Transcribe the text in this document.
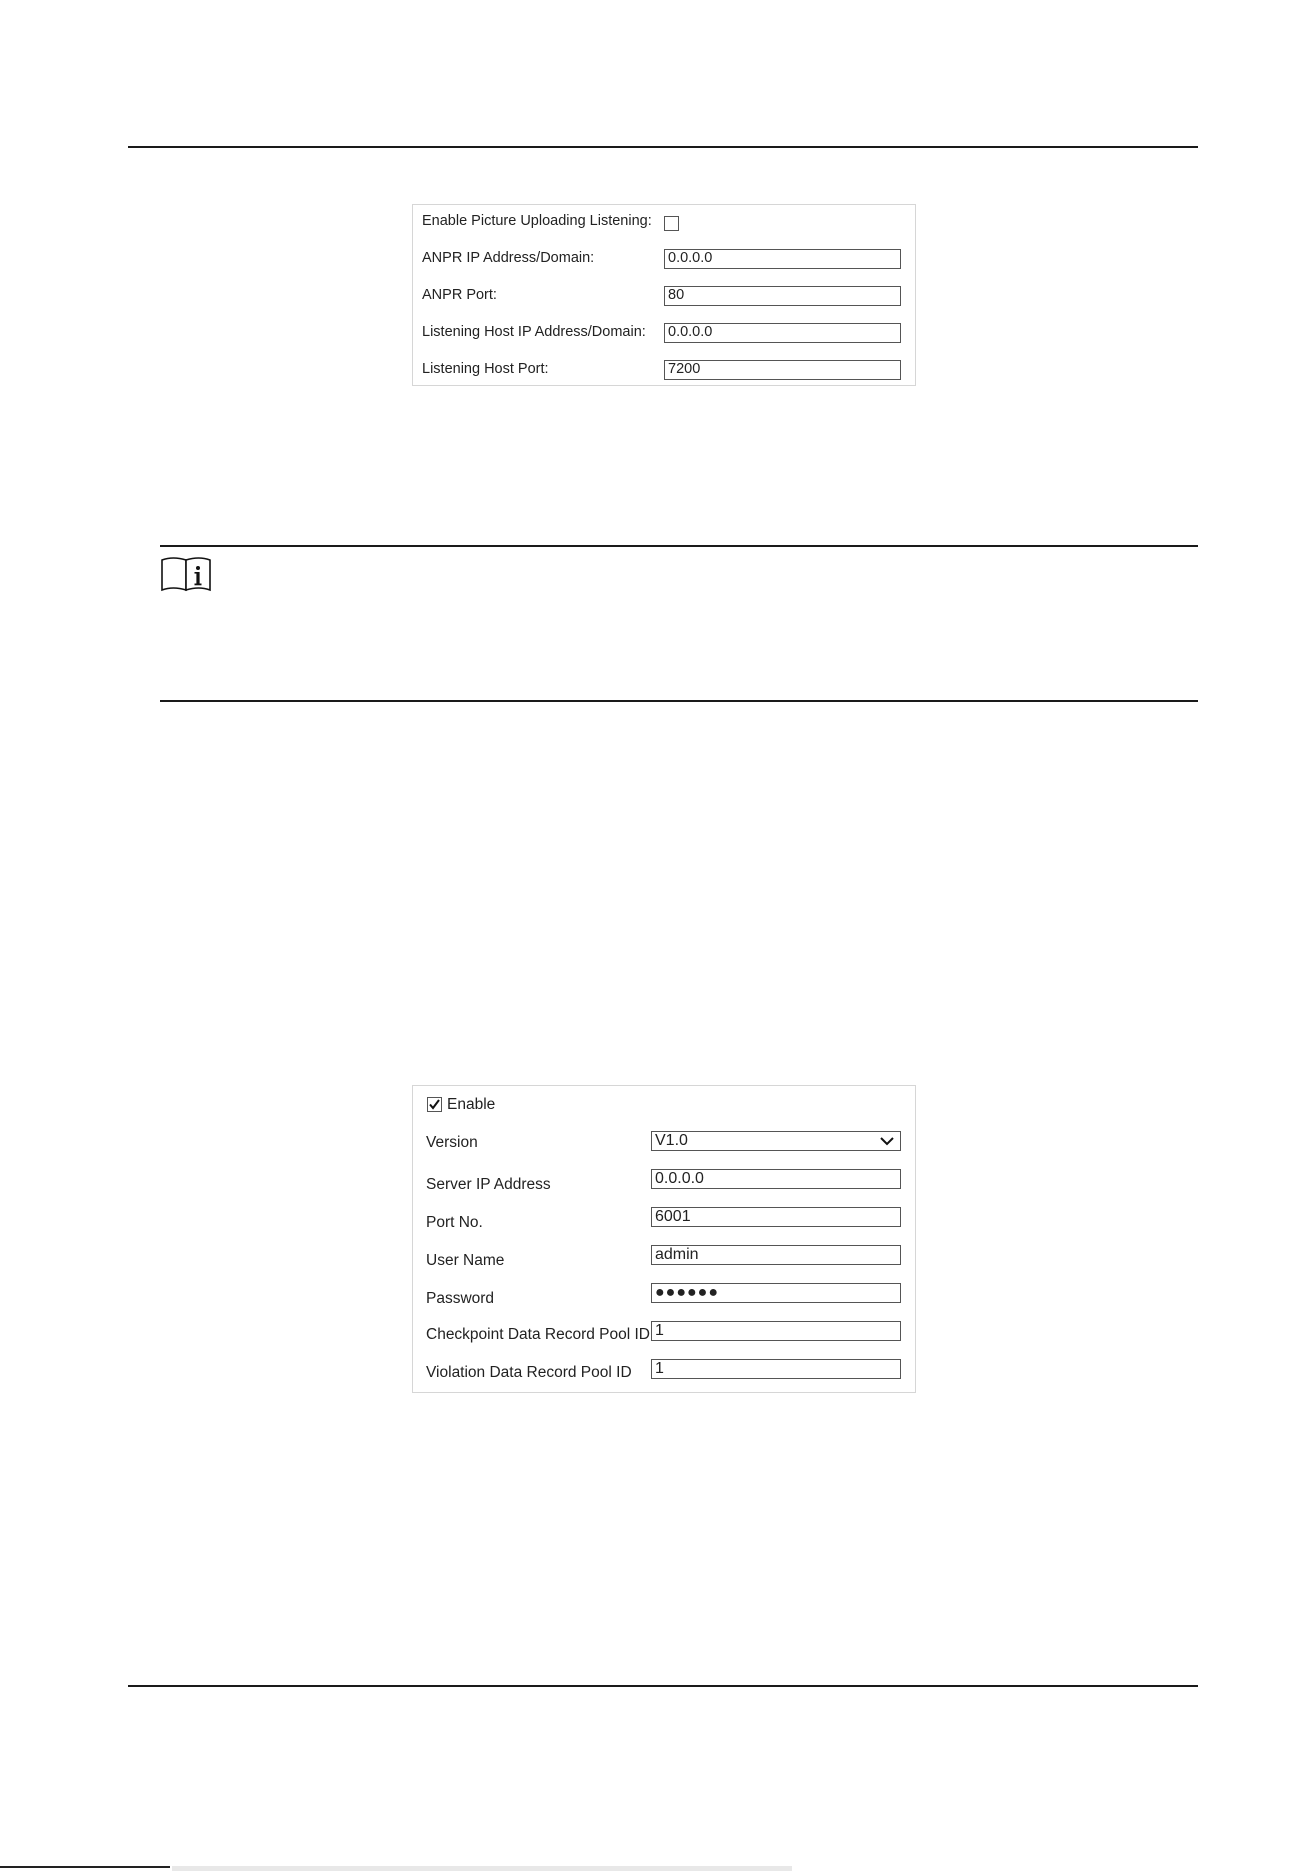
Enable Picture Uploading Listening:
ANPR IP Address/Domain:	0.0.0.0
ANPR Port:	80
Listening Host IP Address/Domain: 0.0.0.0
Listening Host Port:	7200
Enable
Version	V1.0
Server IP Address	0.0.0.0
Port No.	6001
User Name	admin
Password	●●●●●●
Checkpoint Data Record Pool ID 1
Violation Data Record Pool ID 1
